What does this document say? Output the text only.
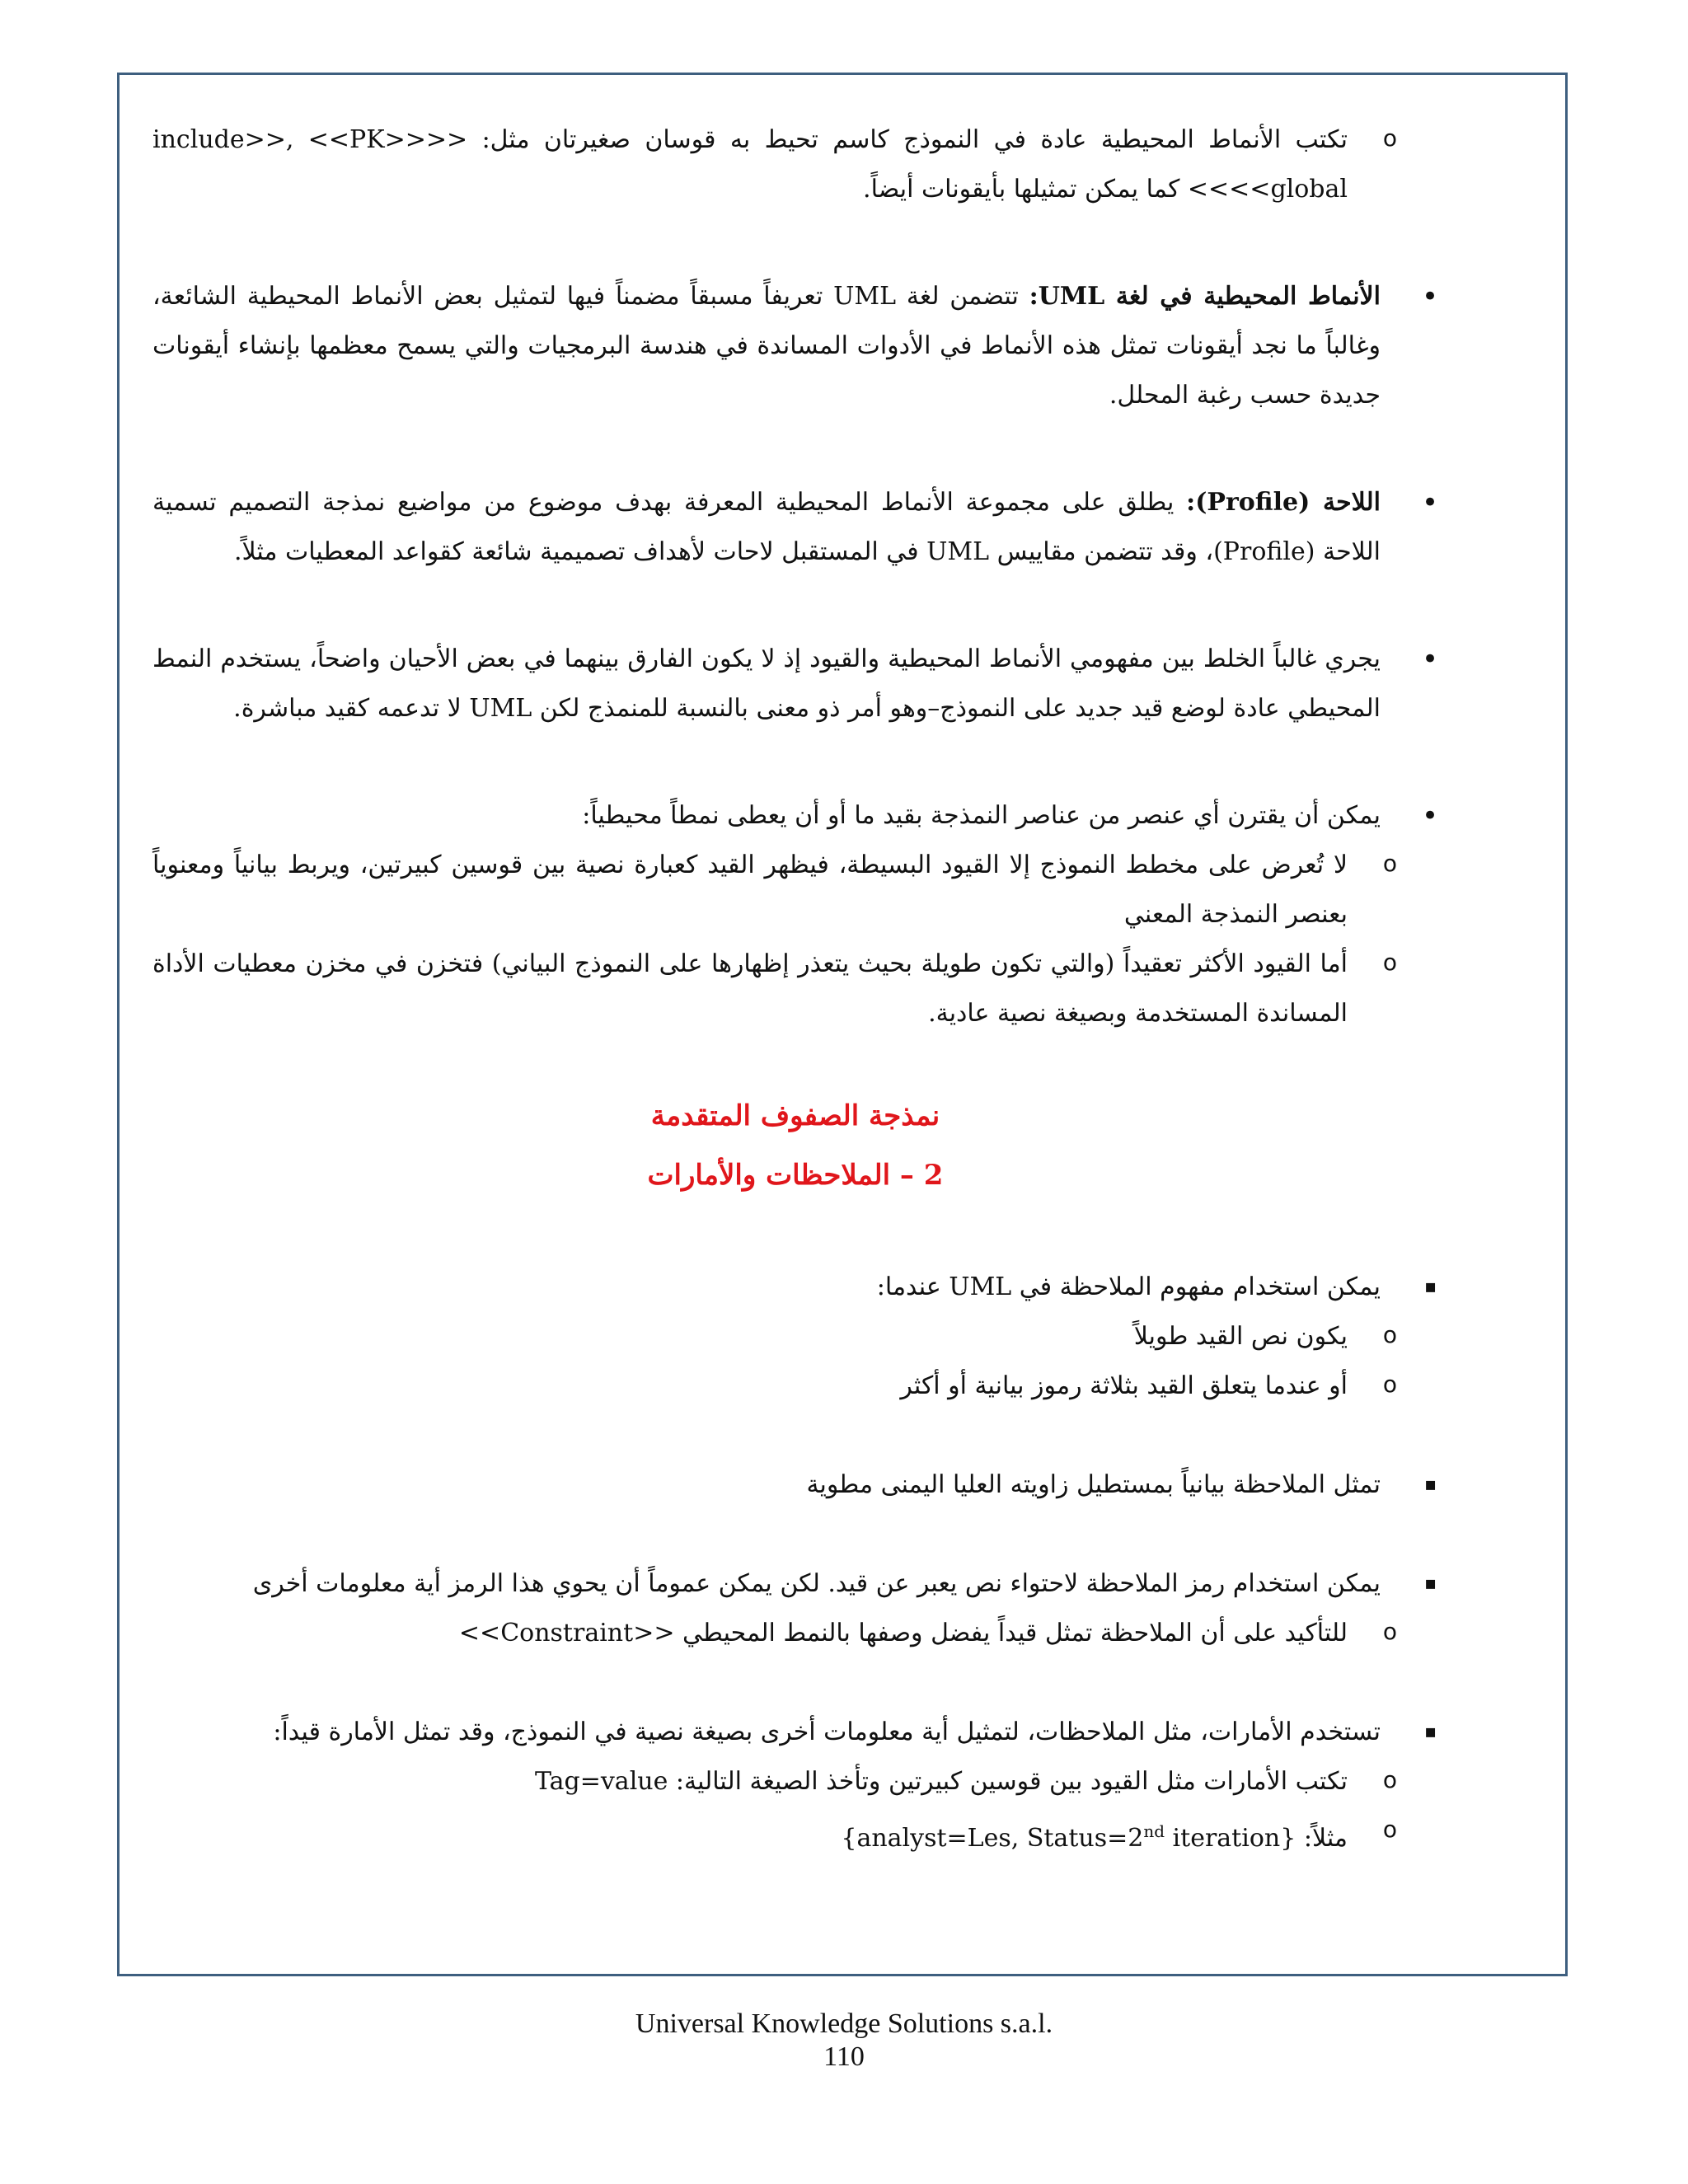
o تكتب الأنماط المحيطية عادة في النموذج كاسم تحيط به قوسان صغيرتان مثل: <<include>>, <<PK>> <<global>> كما يمكن تمثيلها بأيقونات أيضاً.

• الأنماط المحيطية في لغة UML: تتضمن لغة UML تعريفاً مسبقاً مضمناً فيها لتمثيل بعض الأنماط المحيطية الشائعة، وغالباً ما نجد أيقونات تمثل هذه الأنماط في الأدوات المساندة في هندسة البرمجيات والتي يسمح معظمها بإنشاء أيقونات جديدة حسب رغبة المحلل.

• اللاحة (Profile): يطلق على مجموعة الأنماط المحيطية المعرفة بهدف موضوع من مواضيع نمذجة التصميم تسمية اللاحة (Profile)، وقد تتضمن مقاييس UML في المستقبل لاحات لأهداف تصميمية شائعة كقواعد المعطيات مثلاً.

• يجري غالباً الخلط بين مفهومي الأنماط المحيطية والقيود إذ لا يكون الفارق بينهما في بعض الأحيان واضحاً، يستخدم النمط المحيطي عادة لوضع قيد جديد على النموذج–وهو أمر ذو معنى بالنسبة للمنمذج لكن UML لا تدعمه كقيد مباشرة.

• يمكن أن يقترن أي عنصر من عناصر النمذجة بقيد ما أو أن يعطى نمطاً محيطياً:

o لا تُعرض على مخطط النموذج إلا القيود البسيطة، فيظهر القيد كعبارة نصية بين قوسين كبيرتين، ويربط بيانياً ومعنوياً بعنصر النمذجة المعني

o أما القيود الأكثر تعقيداً (والتي تكون طويلة بحيث يتعذر إظهارها على النموذج البياني) فتخزن في مخزن معطيات الأداة المساندة المستخدمة وبصيغة نصية عادية.

نمذجة الصفوف المتقدمة
2 – الملاحظات والأمارات

▪ يمكن استخدام مفهوم الملاحظة في UML عندما:

o يكون نص القيد طويلاً

o أو عندما يتعلق القيد بثلاثة رموز بيانية أو أكثر

▪ تمثل الملاحظة بيانياً بمستطيل زاويته العليا اليمنى مطوية

▪ يمكن استخدام رمز الملاحظة لاحتواء نص يعبر عن قيد. لكن يمكن عموماً أن يحوي هذا الرمز أية معلومات أخرى

o للتأكيد على أن الملاحظة تمثل قيداً يفضل وصفها بالنمط المحيطي <<Constraint>>

▪ تستخدم الأمارات، مثل الملاحظات، لتمثيل أية معلومات أخرى بصيغة نصية في النموذج، وقد تمثل الأمارة قيداً:

o تكتب الأمارات مثل القيود بين قوسين كبيرتين وتأخذ الصيغة التالية: Tag=value

o مثلاً: {analyst=Les, Status=2nd iteration}

Universal Knowledge Solutions s.a.l.
110
